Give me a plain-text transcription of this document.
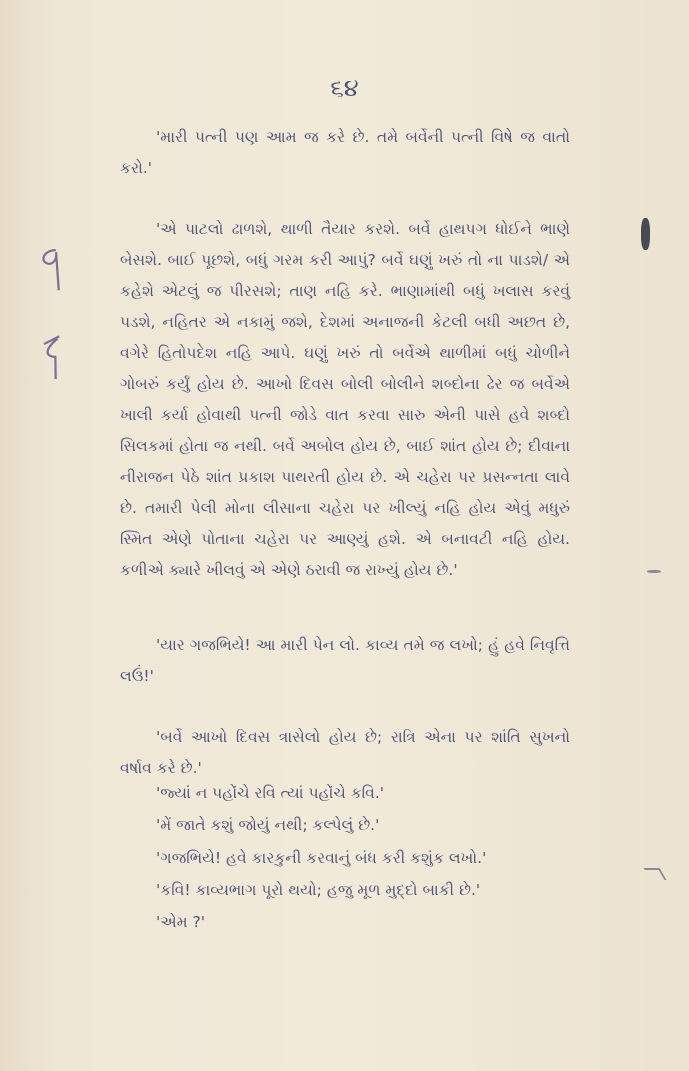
૬૪

'મારી પત્ની પણ આમ જ કરે છે. તમે બર્વેની પત્ની વિષે જ વાતો કરો.'

'એ પાટલો ઢાળશે, થાળી તૈયાર કરશે. બર્વે હાથપગ ધોઈને ભાણે બેસશે. બાઈ પૂછશે, બધું ગરમ કરી આપું? બર્વે ઘણું ખરું તો ના પાડશે/ એ કહેશે એટલું જ પીરસશે; તાણ નહિ કરે. ભાણામાંથી બધું ખલાસ કરવું પડશે, નહિતર એ નકામું જશે, દેશમાં અનાજની કેટલી બધી અછત છે, વગેરે હિતોપદેશ નહિ આપે. ઘણું ખરું તો બર્વેએ થાળીમાં બધું ચોળીને ગોબરું કર્યું હોય છે. આખો દિવસ બોલી બોલીને શબ્દોના ઢેર જ બર્વેએ ખાલી કર્યા હોવાથી પત્ની જોડે વાત કરવા સારુ એની પાસે હવે શબ્દો સિલકમાં હોતા જ નથી. બર્વે અબોલ હોય છે, બાઈ શાંત હોય છે; દીવાના નીરાજન પેઠે શાંત પ્રકાશ પાથરતી હોય છે. એ ચહેરા પર પ્રસન્નતા લાવે છે. તમારી પેલી મોના લીસાના ચહેરા પર ખીલ્યું નહિ હોય એવું મધુરું સ્મિત એણે પોતાના ચહેરા પર આણ્યું હશે. એ બનાવટી નહિ હોય. કળીએ ક્યારે ખીલવું એ એણે ઠરાવી જ રાખ્યું હોય છે.'

'યાર ગજભિયે! આ મારી પેન લો. કાવ્ય તમે જ લખો; હું હવે નિવૃત્તિ લઉં!'

'બર્વે આખો દિવસ ત્રાસેલો હોય છે; રાત્રિ એના પર શાંતિ સુખનો વર્ષાવ કરે છે.'

'જ્યાં ન પહોંચે રવિ ત્યાં પહોંચે કવિ.'

'મેં જાતે કશું જોયું નથી; કલ્પેલું છે.'

'ગજભિયે! હવે કારકુની કરવાનું બંધ કરી કશુંક લખો.'

'કવિ! કાવ્યભાગ પૂરો થયો; હજુ મૂળ મુદ્દો બાકી છે.'

'એમ ?'
